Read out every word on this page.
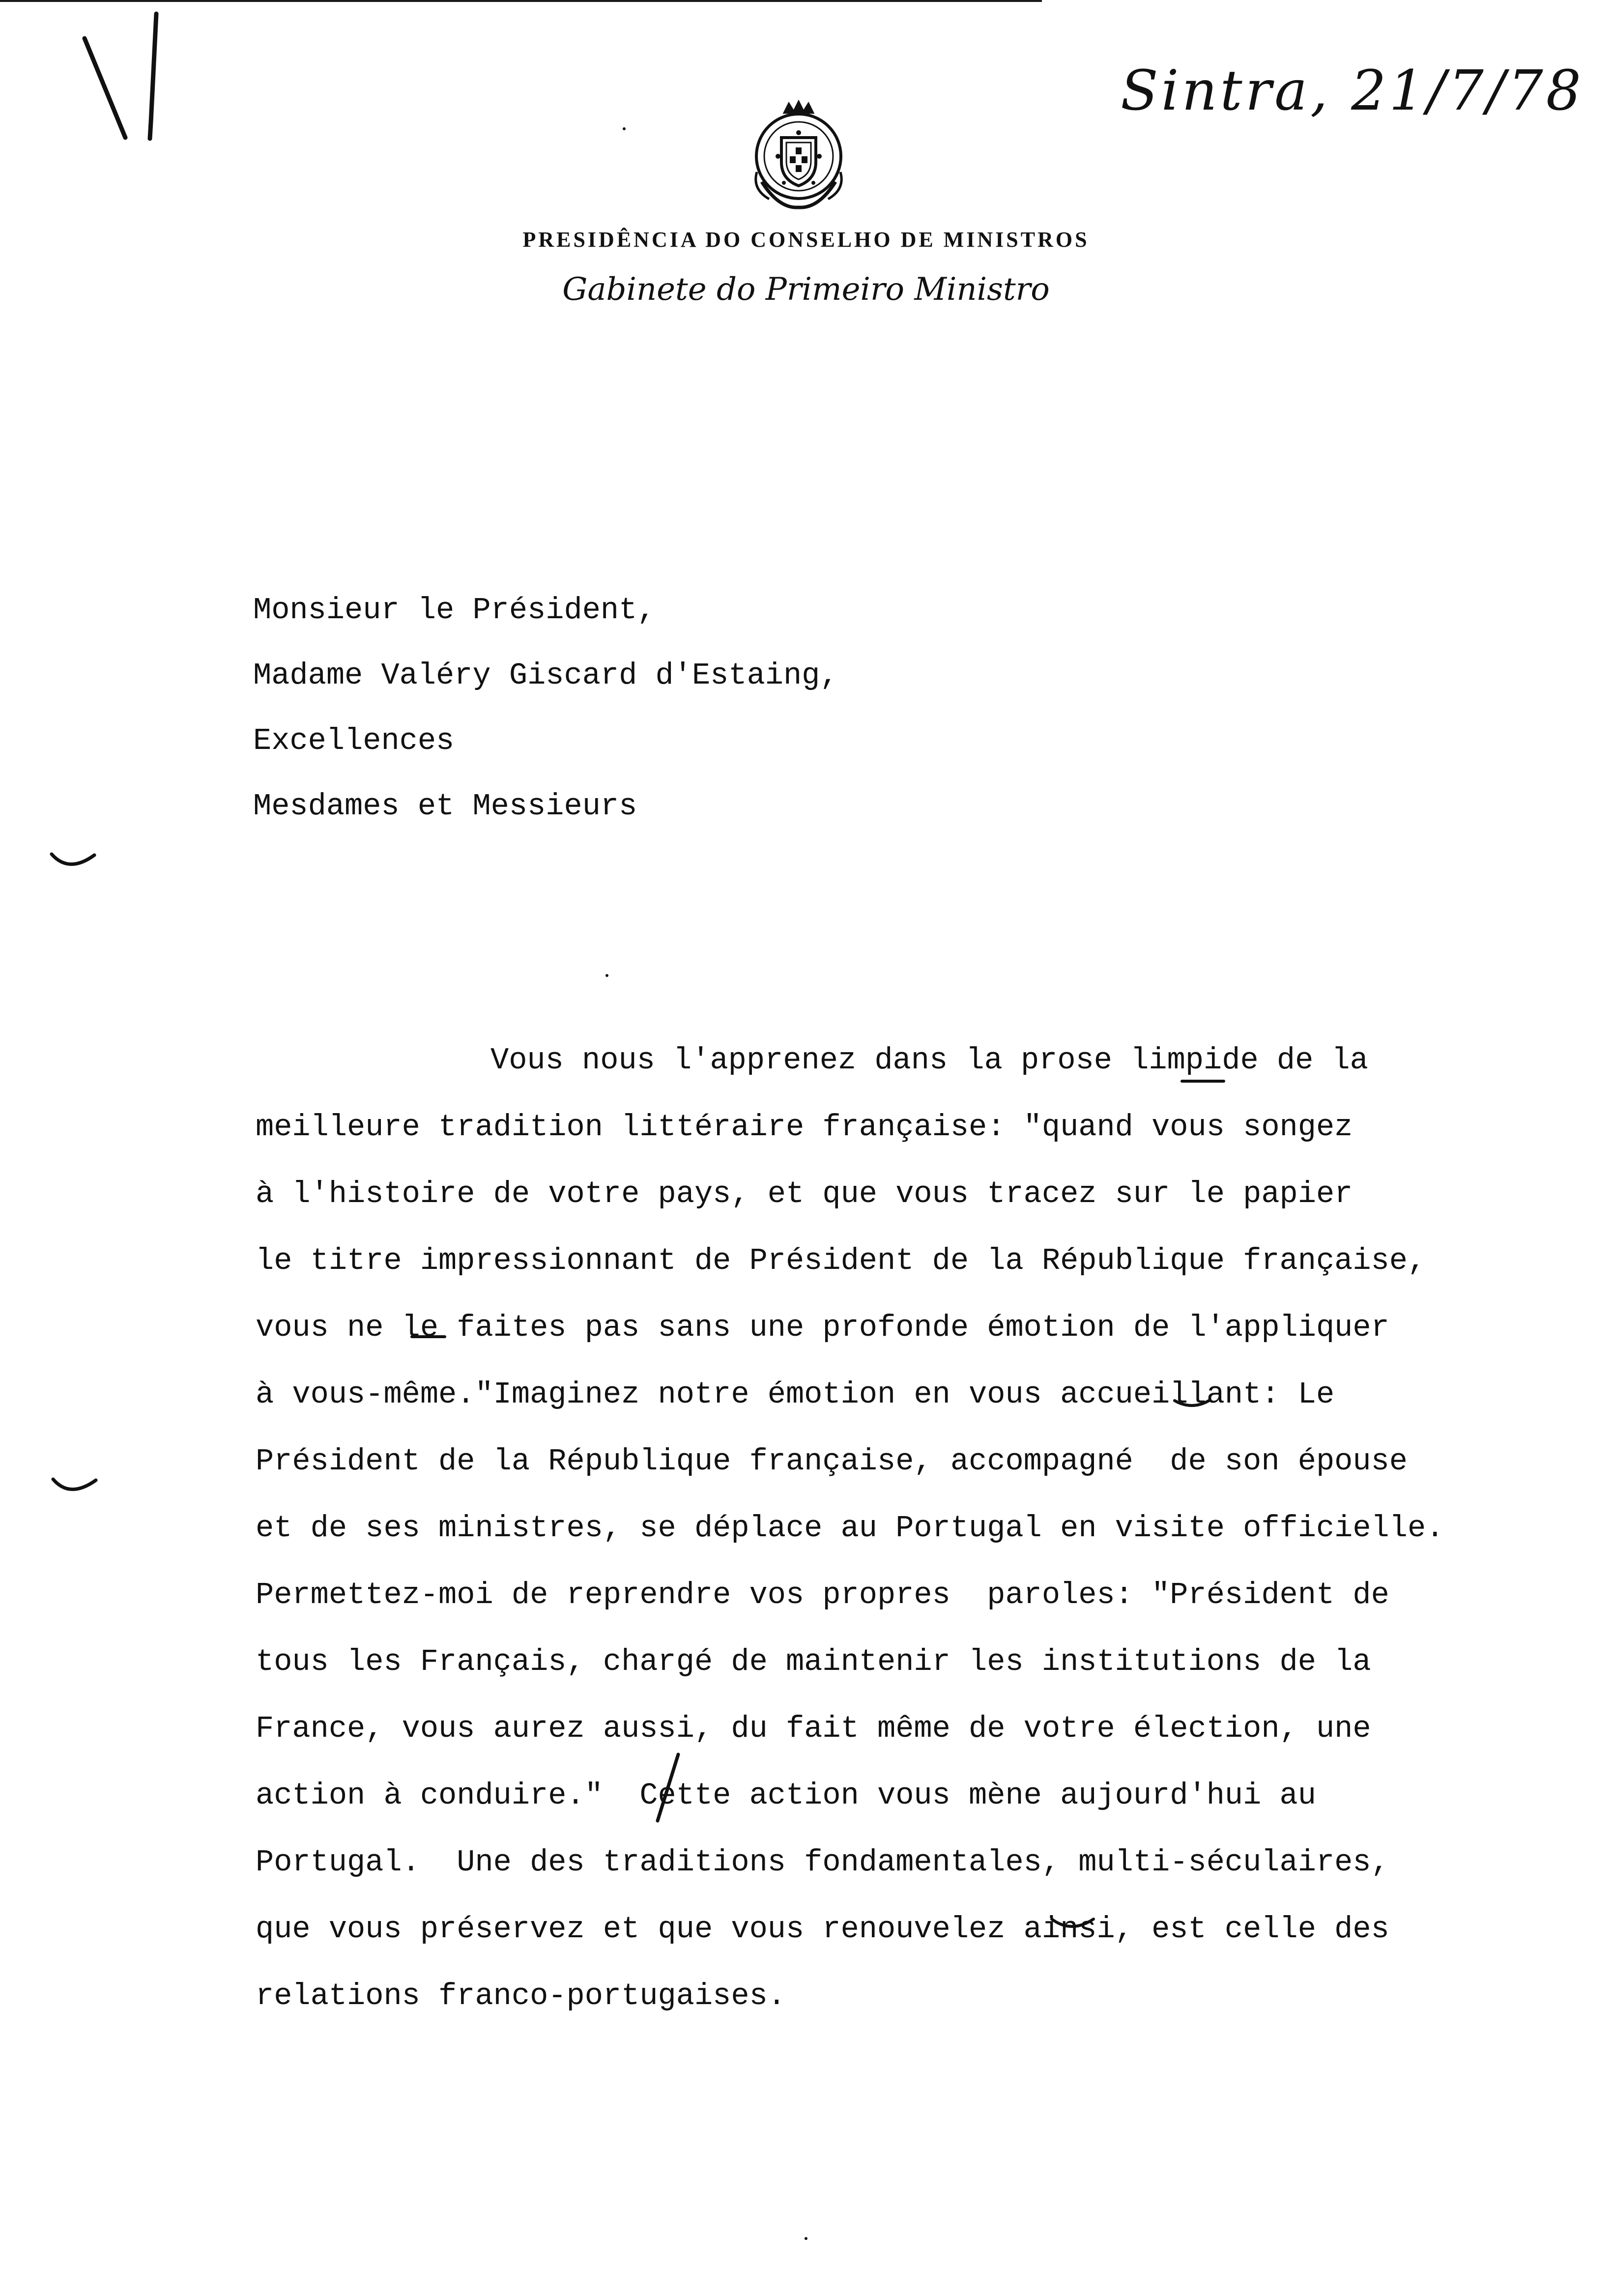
Sintra, 21/7/78
PRESIDÊNCIA DO CONSELHO DE MINISTROS
Gabinete do Primeiro Ministro
Monsieur le Président,
Madame Valéry Giscard d'Estaing,
Excellences
Mesdames et Messieurs
Vous nous l'apprenez dans la prose limpide de la
meilleure tradition littéraire française: "quand vous songez
à l'histoire de votre pays, et que vous tracez sur le papier
le titre impressionnant de Président de la République française,
vous ne le faites pas sans une profonde émotion de l'appliquer
à vous-même."Imaginez notre émotion en vous accueillant: Le
Président de la République française, accompagné  de son épouse
et de ses ministres, se déplace au Portugal en visite officielle.
Permettez-moi de reprendre vos propres  paroles: "Président de
tous les Français, chargé de maintenir les institutions de la
France, vous aurez aussi, du fait même de votre élection, une
action à conduire."  Cette action vous mène aujourd'hui au
Portugal.  Une des traditions fondamentales, multi-séculaires,
que vous préservez et que vous renouvelez ainsi, est celle des
relations franco-portugaises.
